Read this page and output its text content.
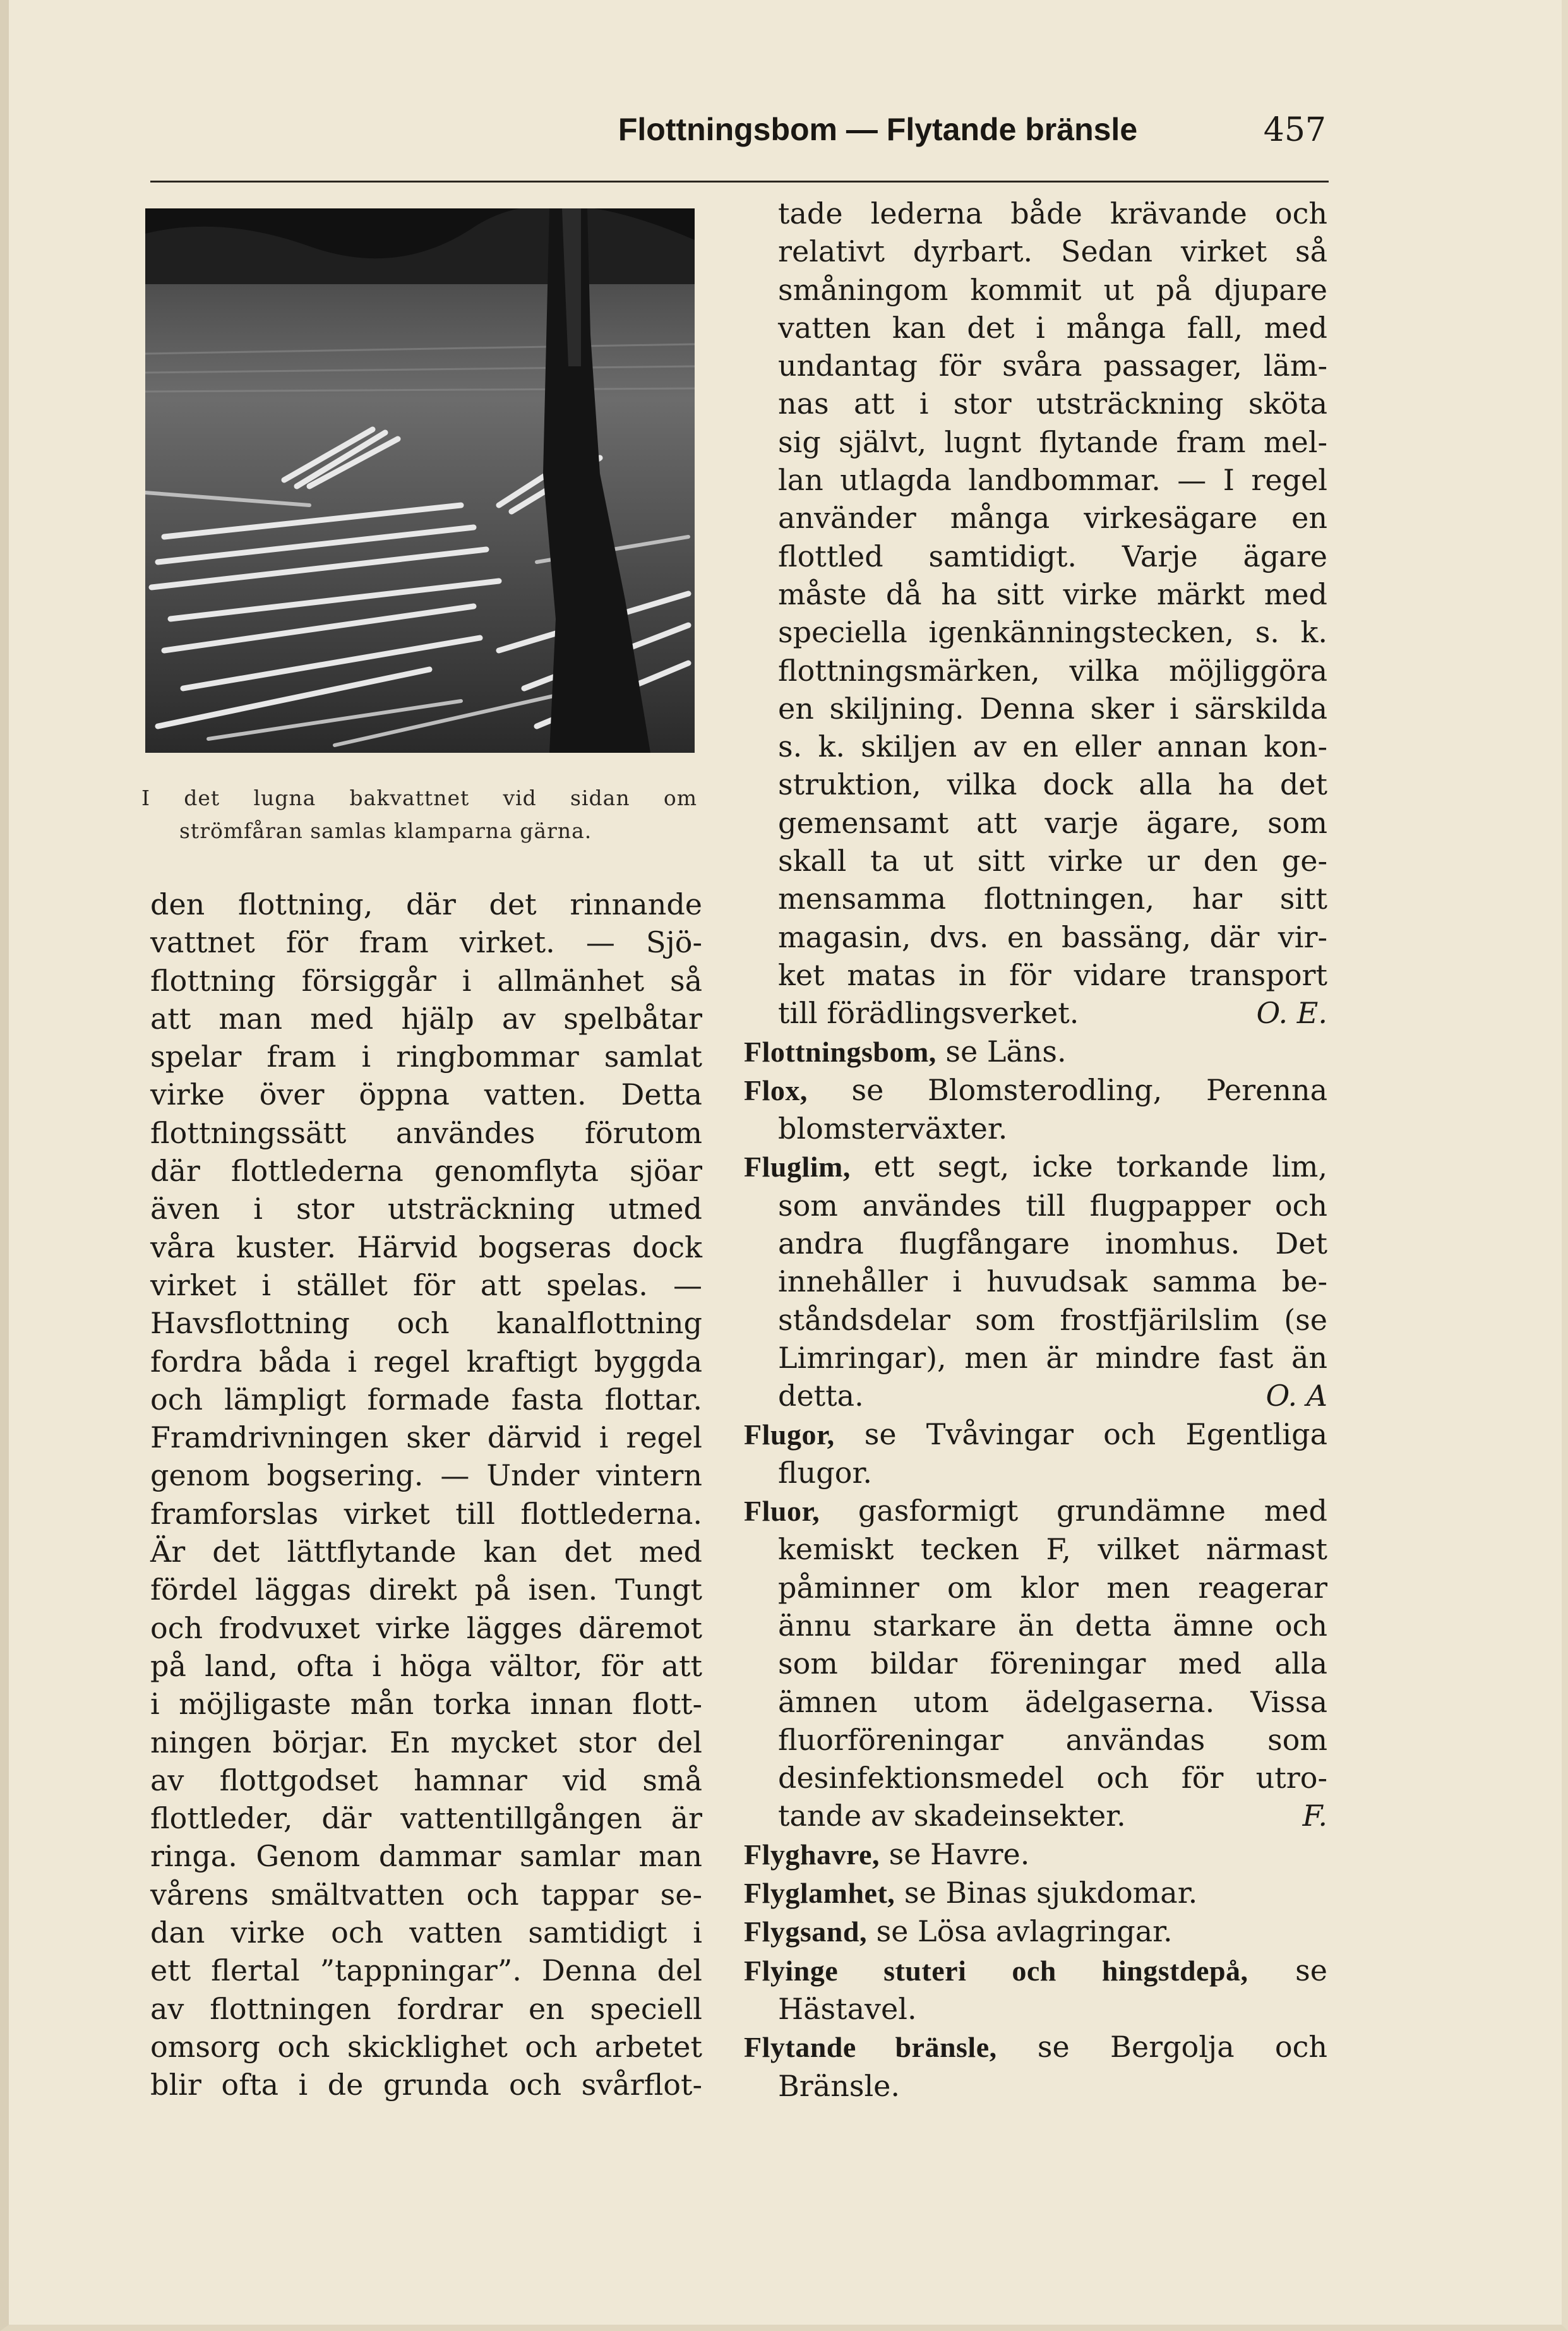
Flottningsbom — Flytande bränsle	457

I det lugna bakvattnet vid sidan om

strömfåran samlas klamparna gärna.

den flottning, där det rinnande

vattnet för fram virket. — Sjö-

flottning försiggår i allmänhet så

att man med hjälp av spelbåtar

spelar fram i ringbommar samlat

virke över öppna vatten. Detta

flottningssätt användes förutom

där flottlederna genomflyta sjöar

även i stor utsträckning utmed

våra kuster. Härvid bogseras dock

virket i stället för att spelas. —

Havsflottning och kanalflottning

fordra båda i regel kraftigt byggda

och lämpligt formade fasta flottar.

Framdrivningen sker därvid i regel

genom bogsering. — Under vintern

framforslas virket till flottlederna.

Är det lättflytande kan det med

fördel läggas direkt på isen. Tungt

och frodvuxet virke lägges däremot

på land, ofta i höga vältor, för att

i möjligaste mån torka innan flott-

ningen börjar. En mycket stor del

av flottgodset hamnar vid små

flottleder, där vattentillgången är

ringa. Genom dammar samlar man

vårens smältvatten och tappar se-

dan virke och vatten samtidigt i

ett flertal ”tappningar”. Denna del

av flottningen fordrar en speciell

omsorg och skicklighet och arbetet

blir ofta i de grunda och svårflot-

tade lederna både krävande och

relativt dyrbart. Sedan virket så

småningom kommit ut på djupare

vatten kan det i många fall, med

undantag för svåra passager, läm-

nas att i stor utsträckning sköta

sig självt, lugnt flytande fram mel-

lan utlagda landbommar. — I regel

använder många virkesägare en

flottled samtidigt. Varje ägare

måste då ha sitt virke märkt med

speciella igenkänningstecken, s. k.

flottningsmärken, vilka möjliggöra

en skiljning. Denna sker i särskilda

s. k. skiljen av en eller annan kon-

struktion, vilka dock alla ha det

gemensamt att varje ägare, som

skall ta ut sitt virke ur den ge-

mensamma flottningen, har sitt

magasin, dvs. en bassäng, där vir-

ket matas in för vidare transport

till förädlingsverket.	O. E.

Flottningsbom, se Läns.

Flox, se Blomsterodling, Perenna

blomsterväxter.

Fluglim, ett segt, icke torkande lim,

som användes till flugpapper och

andra flugfångare inomhus. Det

innehåller i huvudsak samma be-

ståndsdelar som frostfjärilslim (se

Limringar), men är mindre fast än

detta.	O. A

Flugor, se Tvåvingar och Egentliga

flugor.

Fluor, gasformigt grundämne med

kemiskt tecken F, vilket närmast

påminner om klor men reagerar

ännu starkare än detta ämne och

som bildar föreningar med alla

ämnen utom ädelgaserna. Vissa

fluorföreningar användas som

desinfektionsmedel och för utro-

tande av skadeinsekter.	F.

Flyghavre, se Havre.

Flyglamhet, se Binas sjukdomar.

Flygsand, se Lösa avlagringar.

Flyinge stuteri och hingstdepå, se

Hästavel.

Flytande bränsle, se Bergolja och

Bränsle.
